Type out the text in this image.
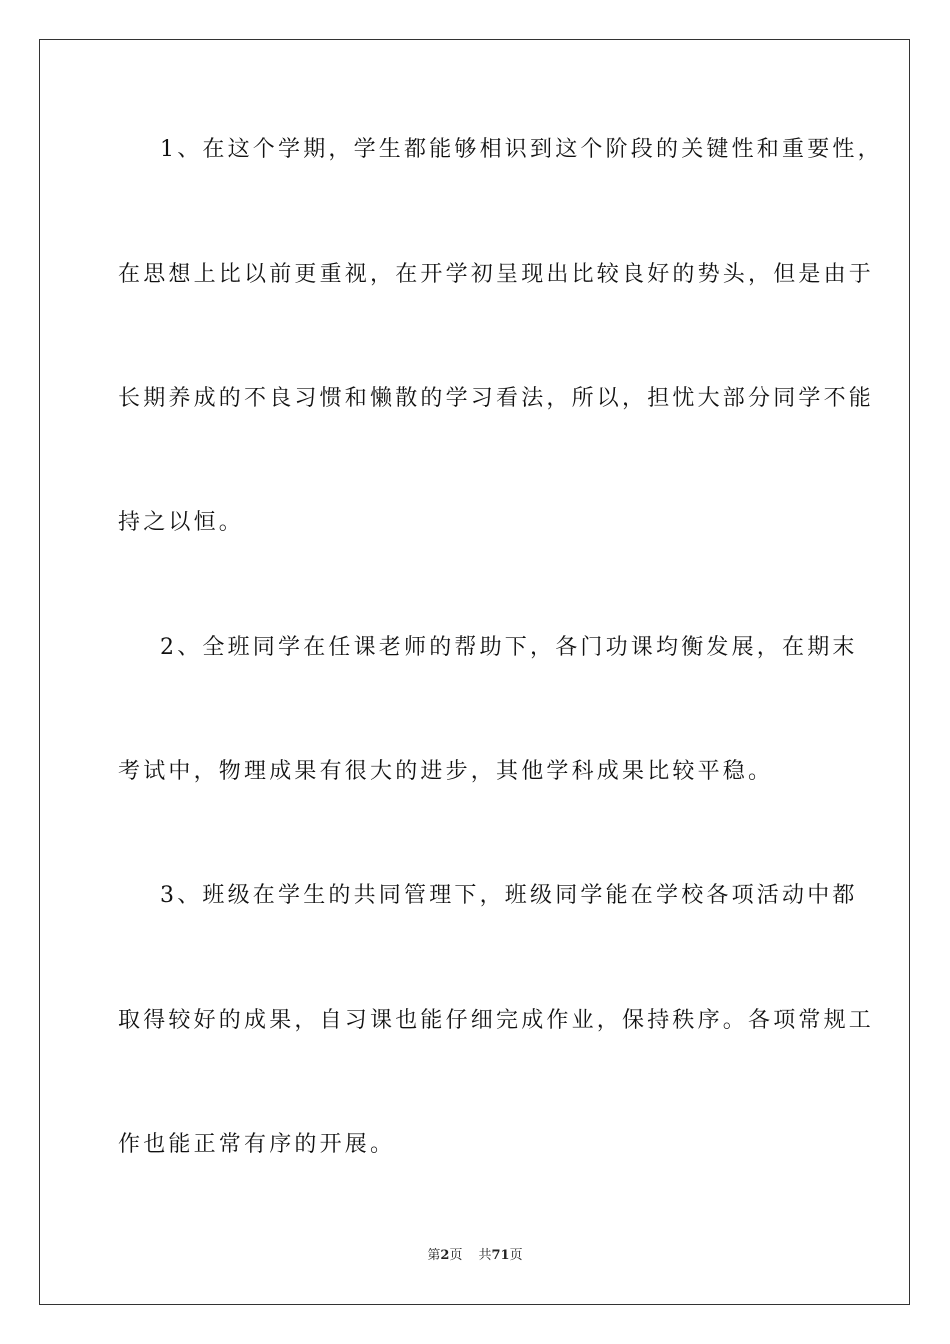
1、在这个学期，学生都能够相识到这个阶段的关键性和重要性，
在思想上比以前更重视，在开学初呈现出比较良好的势头，但是由于
长期养成的不良习惯和懒散的学习看法，所以，担忧大部分同学不能
持之以恒。
2、全班同学在任课老师的帮助下，各门功课均衡发展，在期末
考试中，物理成果有很大的进步，其他学科成果比较平稳。
3、班级在学生的共同管理下，班级同学能在学校各项活动中都
取得较好的成果，自习课也能仔细完成作业，保持秩序。各项常规工
作也能正常有序的开展。
第2页 共71页
